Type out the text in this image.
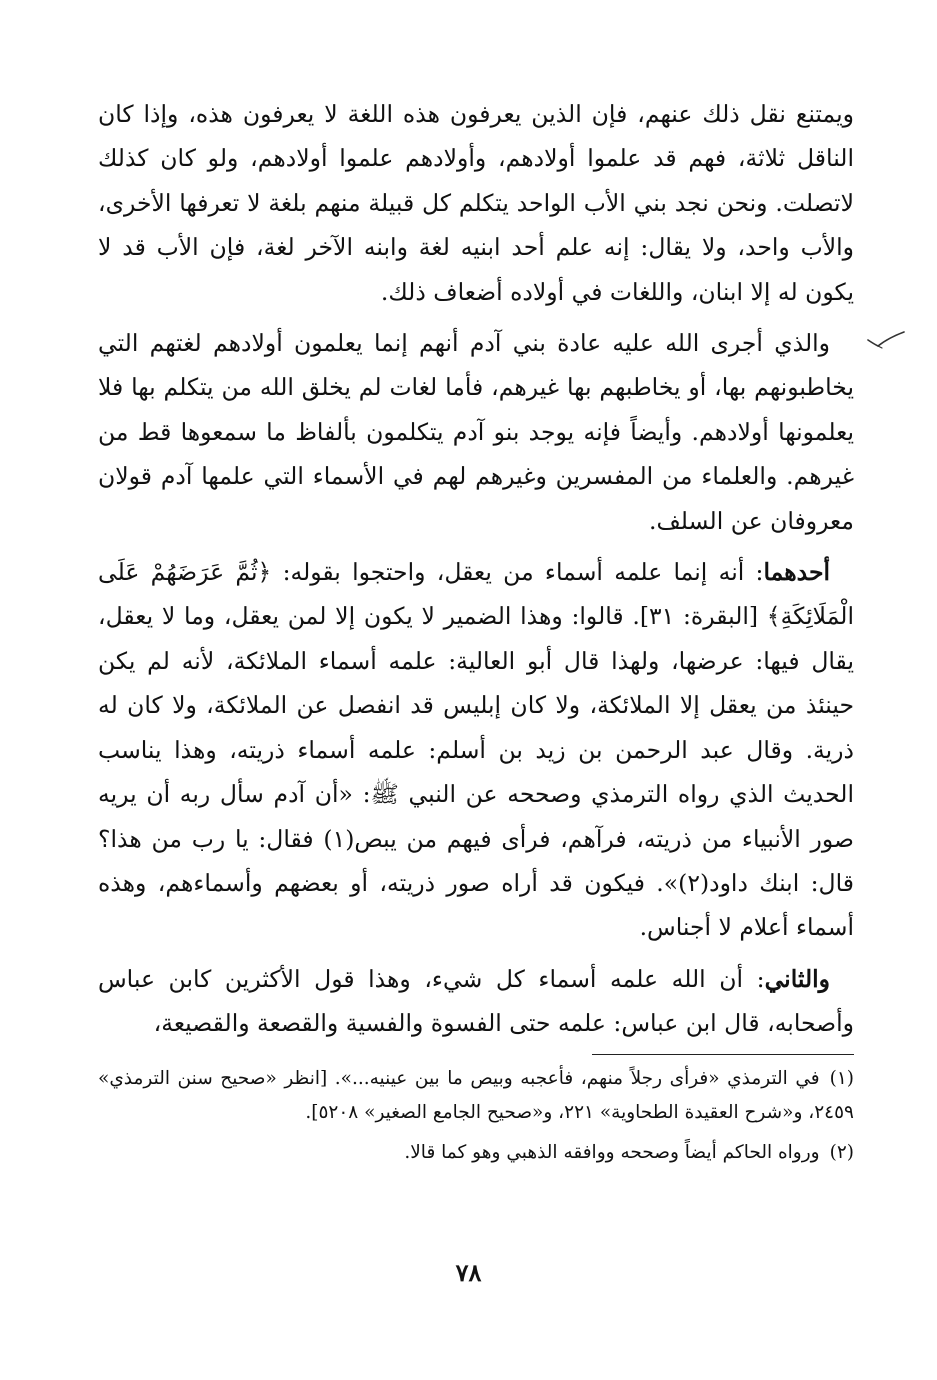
ويمتنع نقل ذلك عنهم، فإن الذين يعرفون هذه اللغة لا يعرفون هذه، وإذا كان الناقل ثلاثة، فهم قد علموا أولادهم، وأولادهم علموا أولادهم، ولو كان كذلك لاتصلت. ونحن نجد بني الأب الواحد يتكلم كل قبيلة منهم بلغة لا تعرفها الأخرى، والأب واحد، ولا يقال: إنه علم أحد ابنيه لغة وابنه الآخر لغة، فإن الأب قد لا يكون له إلا ابنان، واللغات في أولاده أضعاف ذلك.

والذي أجرى الله عليه عادة بني آدم أنهم إنما يعلمون أولادهم لغتهم التي يخاطبونهم بها، أو يخاطبهم بها غيرهم، فأما لغات لم يخلق الله من يتكلم بها فلا يعلمونها أولادهم. وأيضاً فإنه يوجد بنو آدم يتكلمون بألفاظ ما سمعوها قط من غيرهم. والعلماء من المفسرين وغيرهم لهم في الأسماء التي علمها آدم قولان معروفان عن السلف.

أحدهما: أنه إنما علمه أسماء من يعقل، واحتجوا بقوله: ﴿ثُمَّ عَرَضَهُمْ عَلَى الْمَلَائِكَةِ﴾ [البقرة: ٣١]. قالوا: وهذا الضمير لا يكون إلا لمن يعقل، وما لا يعقل، يقال فيها: عرضها، ولهذا قال أبو العالية: علمه أسماء الملائكة، لأنه لم يكن حينئذ من يعقل إلا الملائكة، ولا كان إبليس قد انفصل عن الملائكة، ولا كان له ذرية. وقال عبد الرحمن بن زيد بن أسلم: علمه أسماء ذريته، وهذا يناسب الحديث الذي رواه الترمذي وصححه عن النبي ﷺ: «أن آدم سأل ربه أن يريه صور الأنبياء من ذريته، فرآهم، فرأى فيهم من يبص(١) فقال: يا رب من هذا؟ قال: ابنك داود(٢)». فيكون قد أراه صور ذريته، أو بعضهم وأسماءهم، وهذه أسماء أعلام لا أجناس.

والثاني: أن الله علمه أسماء كل شيء، وهذا قول الأكثرين كابن عباس وأصحابه، قال ابن عباس: علمه حتى الفسوة والفسية والقصعة والقصيعة،

(١)في الترمذي «فرأى رجلاً منهم، فأعجبه وبيص ما بين عينيه...». [انظر «صحيح سنن الترمذي» ٢٤٥٩، و«شرح العقيدة الطحاوية» ٢٢١، و«صحيح الجامع الصغير» ٥٢٠٨].

(٢)ورواه الحاكم أيضاً وصححه ووافقه الذهبي وهو كما قالا.

٧٨
